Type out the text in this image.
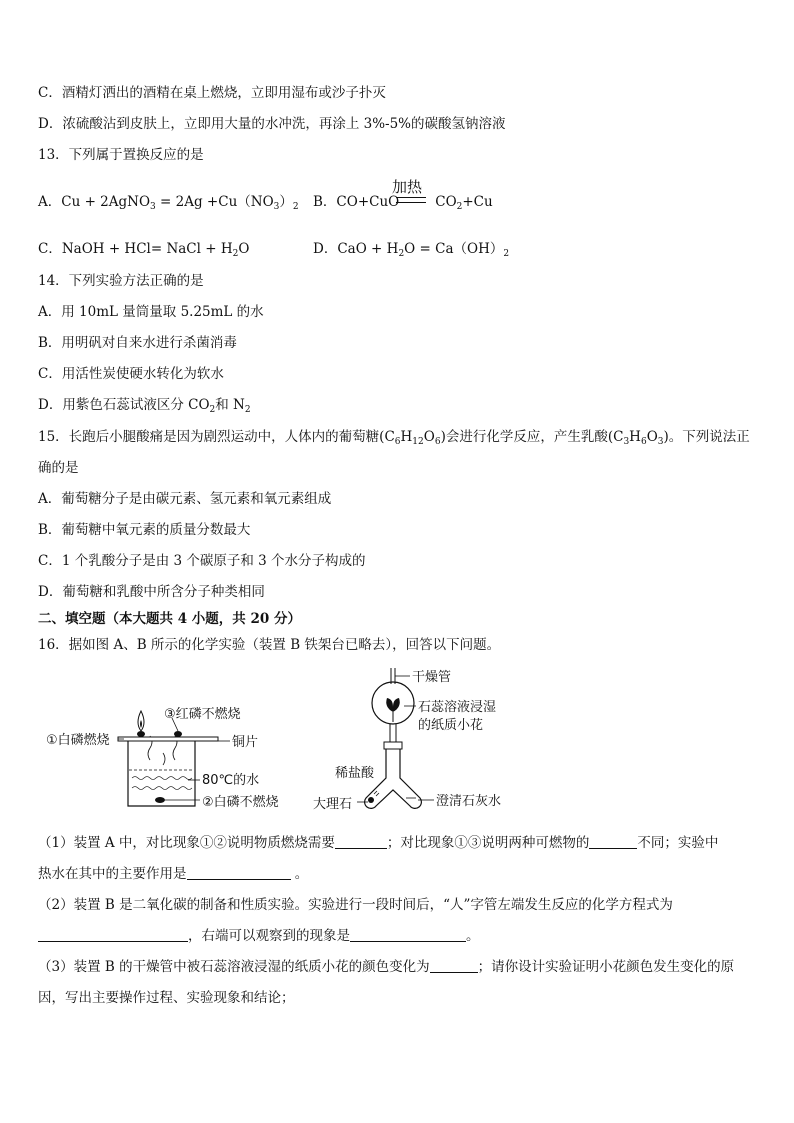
C．酒精灯洒出的酒精在桌上燃烧，立即用湿布或沙子扑灭
D．浓硫酸沾到皮肤上，立即用大量的水冲洗，再涂上 3%-5%的碳酸氢钠溶液
13．下列属于置换反应的是
A．Cu + 2AgNO$_3$ = $2Ag +Cu(NO_3)_2$ B．CO+CuO	$CO_2+Cu$
加热
C．NaOH + HCl= NaCl + $H_2O$	D．CaO + $H_2O = Ca(OH)_2$
14．下列实验方法正确的是
A．用 10mL 量筒量取 5.25mL 的水
B．用明矾对自来水进行杀菌消毒
C．用活性炭使硬水转化为软水
D．用紫色石蕊试液区分 $CO_2$和 $N_2$
15．长跑后小腿酸痛是因为剧烈运动中，人体内的葡萄糖$(C_6H_{12}O_6)$会进行化学反应，产生乳酸$(C_3H_6O_3)$。下列说法正
确的是
A．葡萄糖分子是由碳元素、氢元素和氧元素组成
B．葡萄糖中氧元素的质量分数最大
C．1 个乳酸分子是由 3 个碳原子和 3 个水分子构成的
D．葡萄糖和乳酸中所含分子种类相同
二、填空题（本大题共 4 小题，共 20 分）
16．据如图 A、B 所示的化学实验（装置 B 铁架台已略去），回答以下问题。
③红磷不燃烧
①白磷燃烧	铜片
80℃的水
②白磷不燃烧
干燥管
石蕊溶液浸湿
的纸质小花
稀盐酸
大理石	澄清石灰水
（1）装置 A 中，对比现象①②说明物质燃烧需要	；对比现象①③说明两种可燃物的	不同；实验中
热水在其中的主要作用是	。
（2）装置 B 是二氧化碳的制备和性质实验。实验进行一段时间后，“人”字管左端发生反应的化学方程式为
，右端可以观察到的现象是	。
（3）装置 B 的干燥管中被石蕊溶液浸湿的纸质小花的颜色变化为	；请你设计实验证明小花颜色发生变化的原
因，写出主要操作过程、实验现象和结论；
